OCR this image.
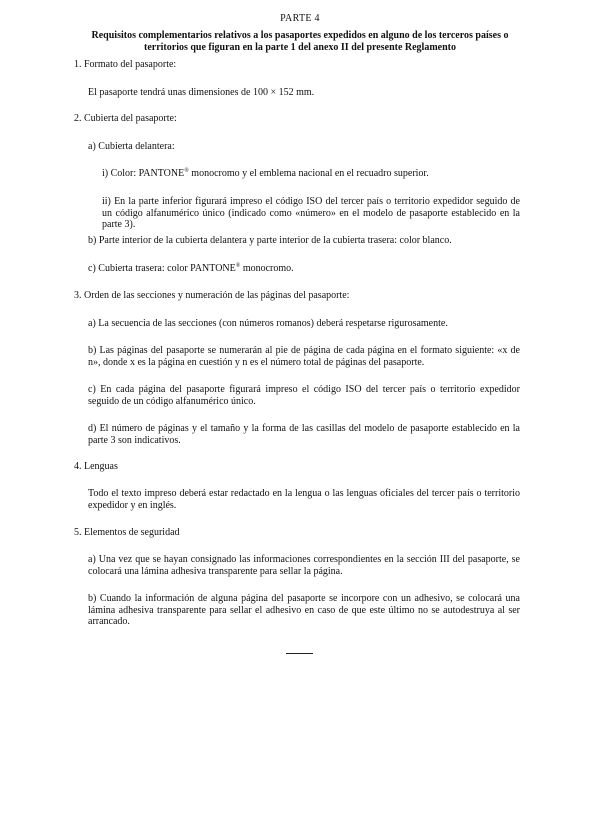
PARTE 4

Requisitos complementarios relativos a los pasaportes expedidos en alguno de los terceros países o territorios que figuran en la parte 1 del anexo II del presente Reglamento

1. Formato del pasaporte:

El pasaporte tendrá unas dimensiones de 100 × 152 mm.

2. Cubierta del pasaporte:

a) Cubierta delantera:

i) Color: PANTONE® monocromo y el emblema nacional en el recuadro superior.

ii) En la parte inferior figurará impreso el código ISO del tercer país o territorio expedidor seguido de un código alfanumérico único (indicado como «número» en el modelo de pasaporte establecido en la parte 3).

b) Parte interior de la cubierta delantera y parte interior de la cubierta trasera: color blanco.

c) Cubierta trasera: color PANTONE® monocromo.

3. Orden de las secciones y numeración de las páginas del pasaporte:

a) La secuencia de las secciones (con números romanos) deberá respetarse rigurosamente.

b) Las páginas del pasaporte se numerarán al pie de página de cada página en el formato siguiente: «x de n», donde x es la página en cuestión y n es el número total de páginas del pasaporte.

c) En cada página del pasaporte figurará impreso el código ISO del tercer país o territorio expedidor seguido de un código alfanumérico único.

d) El número de páginas y el tamaño y la forma de las casillas del modelo de pasaporte establecido en la parte 3 son indicativos.

4. Lenguas

Todo el texto impreso deberá estar redactado en la lengua o las lenguas oficiales del tercer país o territorio expedidor y en inglés.

5. Elementos de seguridad

a) Una vez que se hayan consignado las informaciones correspondientes en la sección III del pasaporte, se colocará una lámina adhesiva transparente para sellar la página.

b) Cuando la información de alguna página del pasaporte se incorpore con un adhesivo, se colocará una lámina adhesiva transparente para sellar el adhesivo en caso de que este último no se autodestruya al ser arrancado.
